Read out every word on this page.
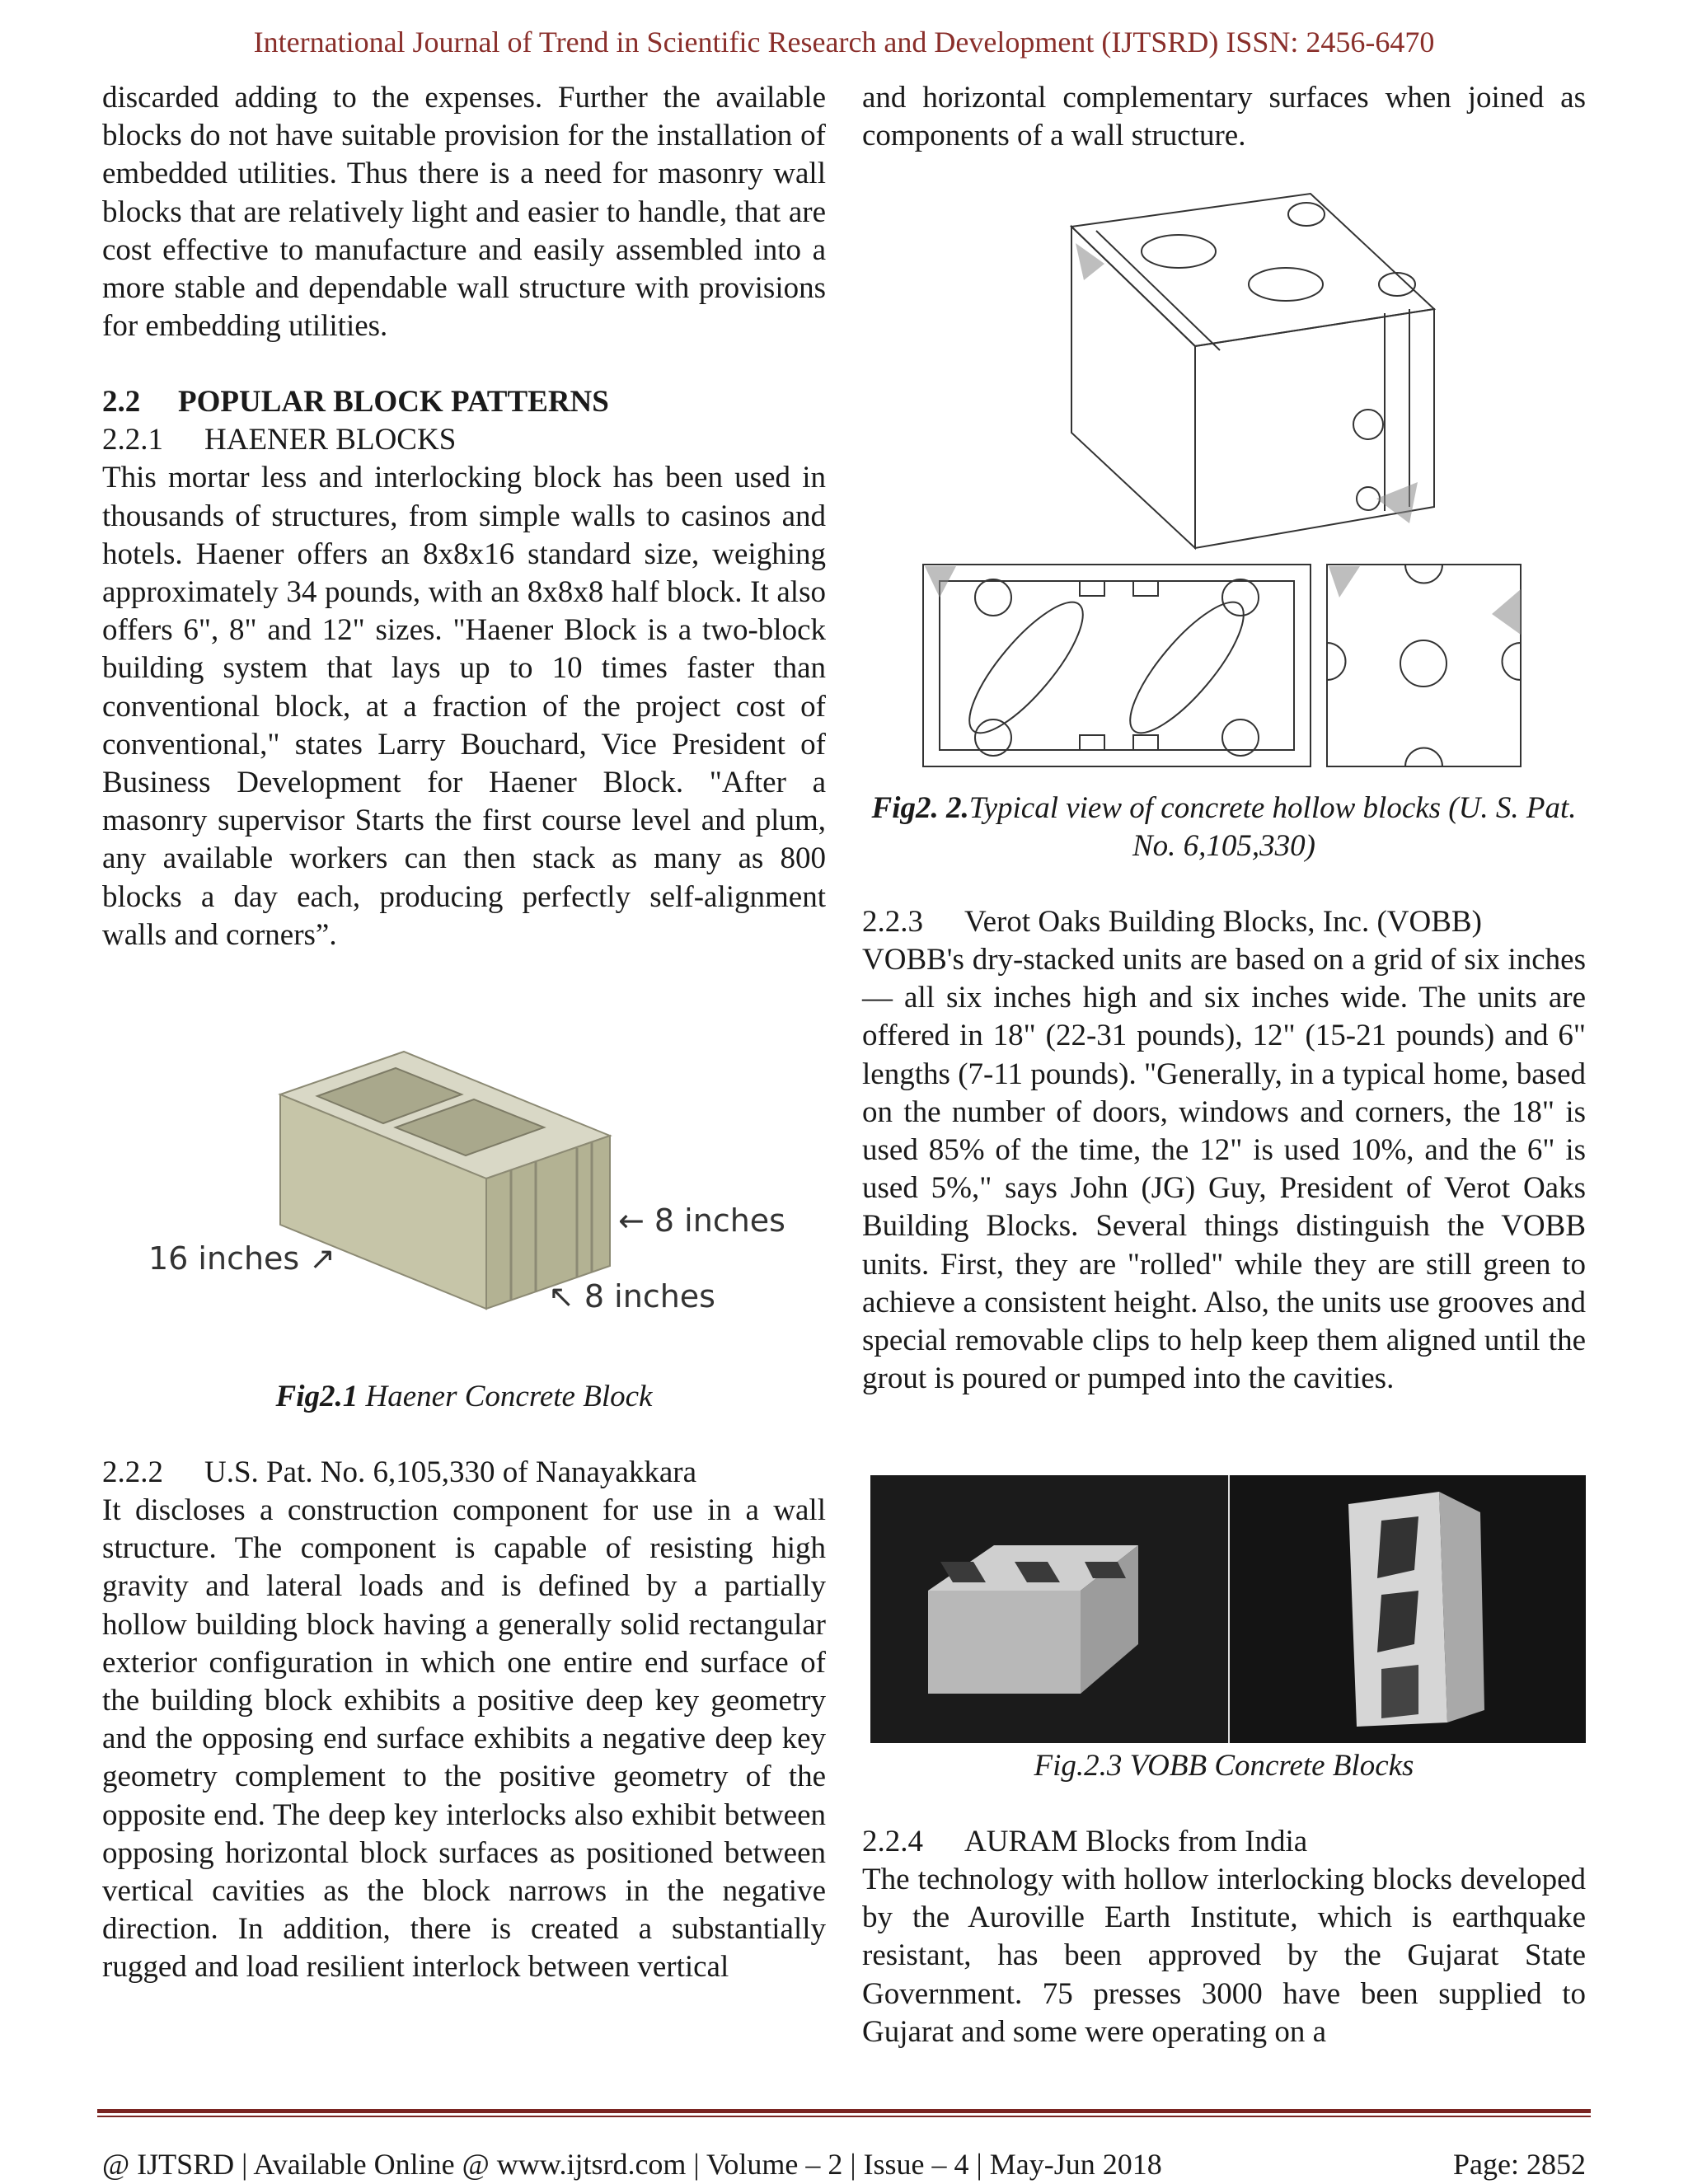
International Journal of Trend in Scientific Research and Development (IJTSRD) ISSN: 2456-6470

discarded adding to the expenses. Further the available blocks do not have suitable provision for the installation of embedded utilities. Thus there is a need for masonry wall blocks that are relatively light and easier to handle, that are cost effective to manufacture and easily assembled into a more stable and dependable wall structure with provisions for embedding utilities.

2.2 POPULAR BLOCK PATTERNS

2.2.1 HAENER BLOCKS

This mortar less and interlocking block has been used in thousands of structures, from simple walls to casinos and hotels. Haener offers an 8x8x16 standard size, weighing approximately 34 pounds, with an 8x8x8 half block. It also offers 6", 8" and 12" sizes. "Haener Block is a two-block building system that lays up to 10 times faster than conventional block, at a fraction of the project cost of conventional," states Larry Bouchard, Vice President of Business Development for Haener Block. "After a masonry supervisor Starts the first course level and plum, any available workers can then stack as many as 800 blocks a day each, producing perfectly self-alignment walls and corners”.

16 inches ↗
← 8 inches
↖ 8 inches

Fig2.1 Haener Concrete Block

2.2.2 U.S. Pat. No. 6,105,330 of Nanayakkara

It discloses a construction component for use in a wall structure. The component is capable of resisting high gravity and lateral loads and is defined by a partially hollow building block having a generally solid rectangular exterior configuration in which one entire end surface of the building block exhibits a positive deep key geometry and the opposing end surface exhibits a negative deep key geometry complement to the positive geometry of the opposite end. The deep key interlocks also exhibit between opposing horizontal block surfaces as positioned between vertical cavities as the block narrows in the negative direction. In addition, there is created a substantially rugged and load resilient interlock between vertical

and horizontal complementary surfaces when joined as components of a wall structure.

Fig2. 2.Typical view of concrete hollow blocks (U. S. Pat. No. 6,105,330)

2.2.3 Verot Oaks Building Blocks, Inc. (VOBB)

VOBB's dry-stacked units are based on a grid of six inches — all six inches high and six inches wide. The units are offered in 18" (22-31 pounds), 12" (15-21 pounds) and 6" lengths (7-11 pounds). "Generally, in a typical home, based on the number of doors, windows and corners, the 18" is used 85% of the time, the 12" is used 10%, and the 6" is used 5%," says John (JG) Guy, President of Verot Oaks Building Blocks. Several things distinguish the VOBB units. First, they are "rolled" while they are still green to achieve a consistent height. Also, the units use grooves and special removable clips to help keep them aligned until the grout is poured or pumped into the cavities.

Fig.2.3 VOBB Concrete Blocks

2.2.4 AURAM Blocks from India

The technology with hollow interlocking blocks developed by the Auroville Earth Institute, which is earthquake resistant, has been approved by the Gujarat State Government. 75 presses 3000 have been supplied to Gujarat and some were operating on a

@ IJTSRD | Available Online @ www.ijtsrd.com | Volume – 2 | Issue – 4 | May-Jun 2018	Page: 2852
